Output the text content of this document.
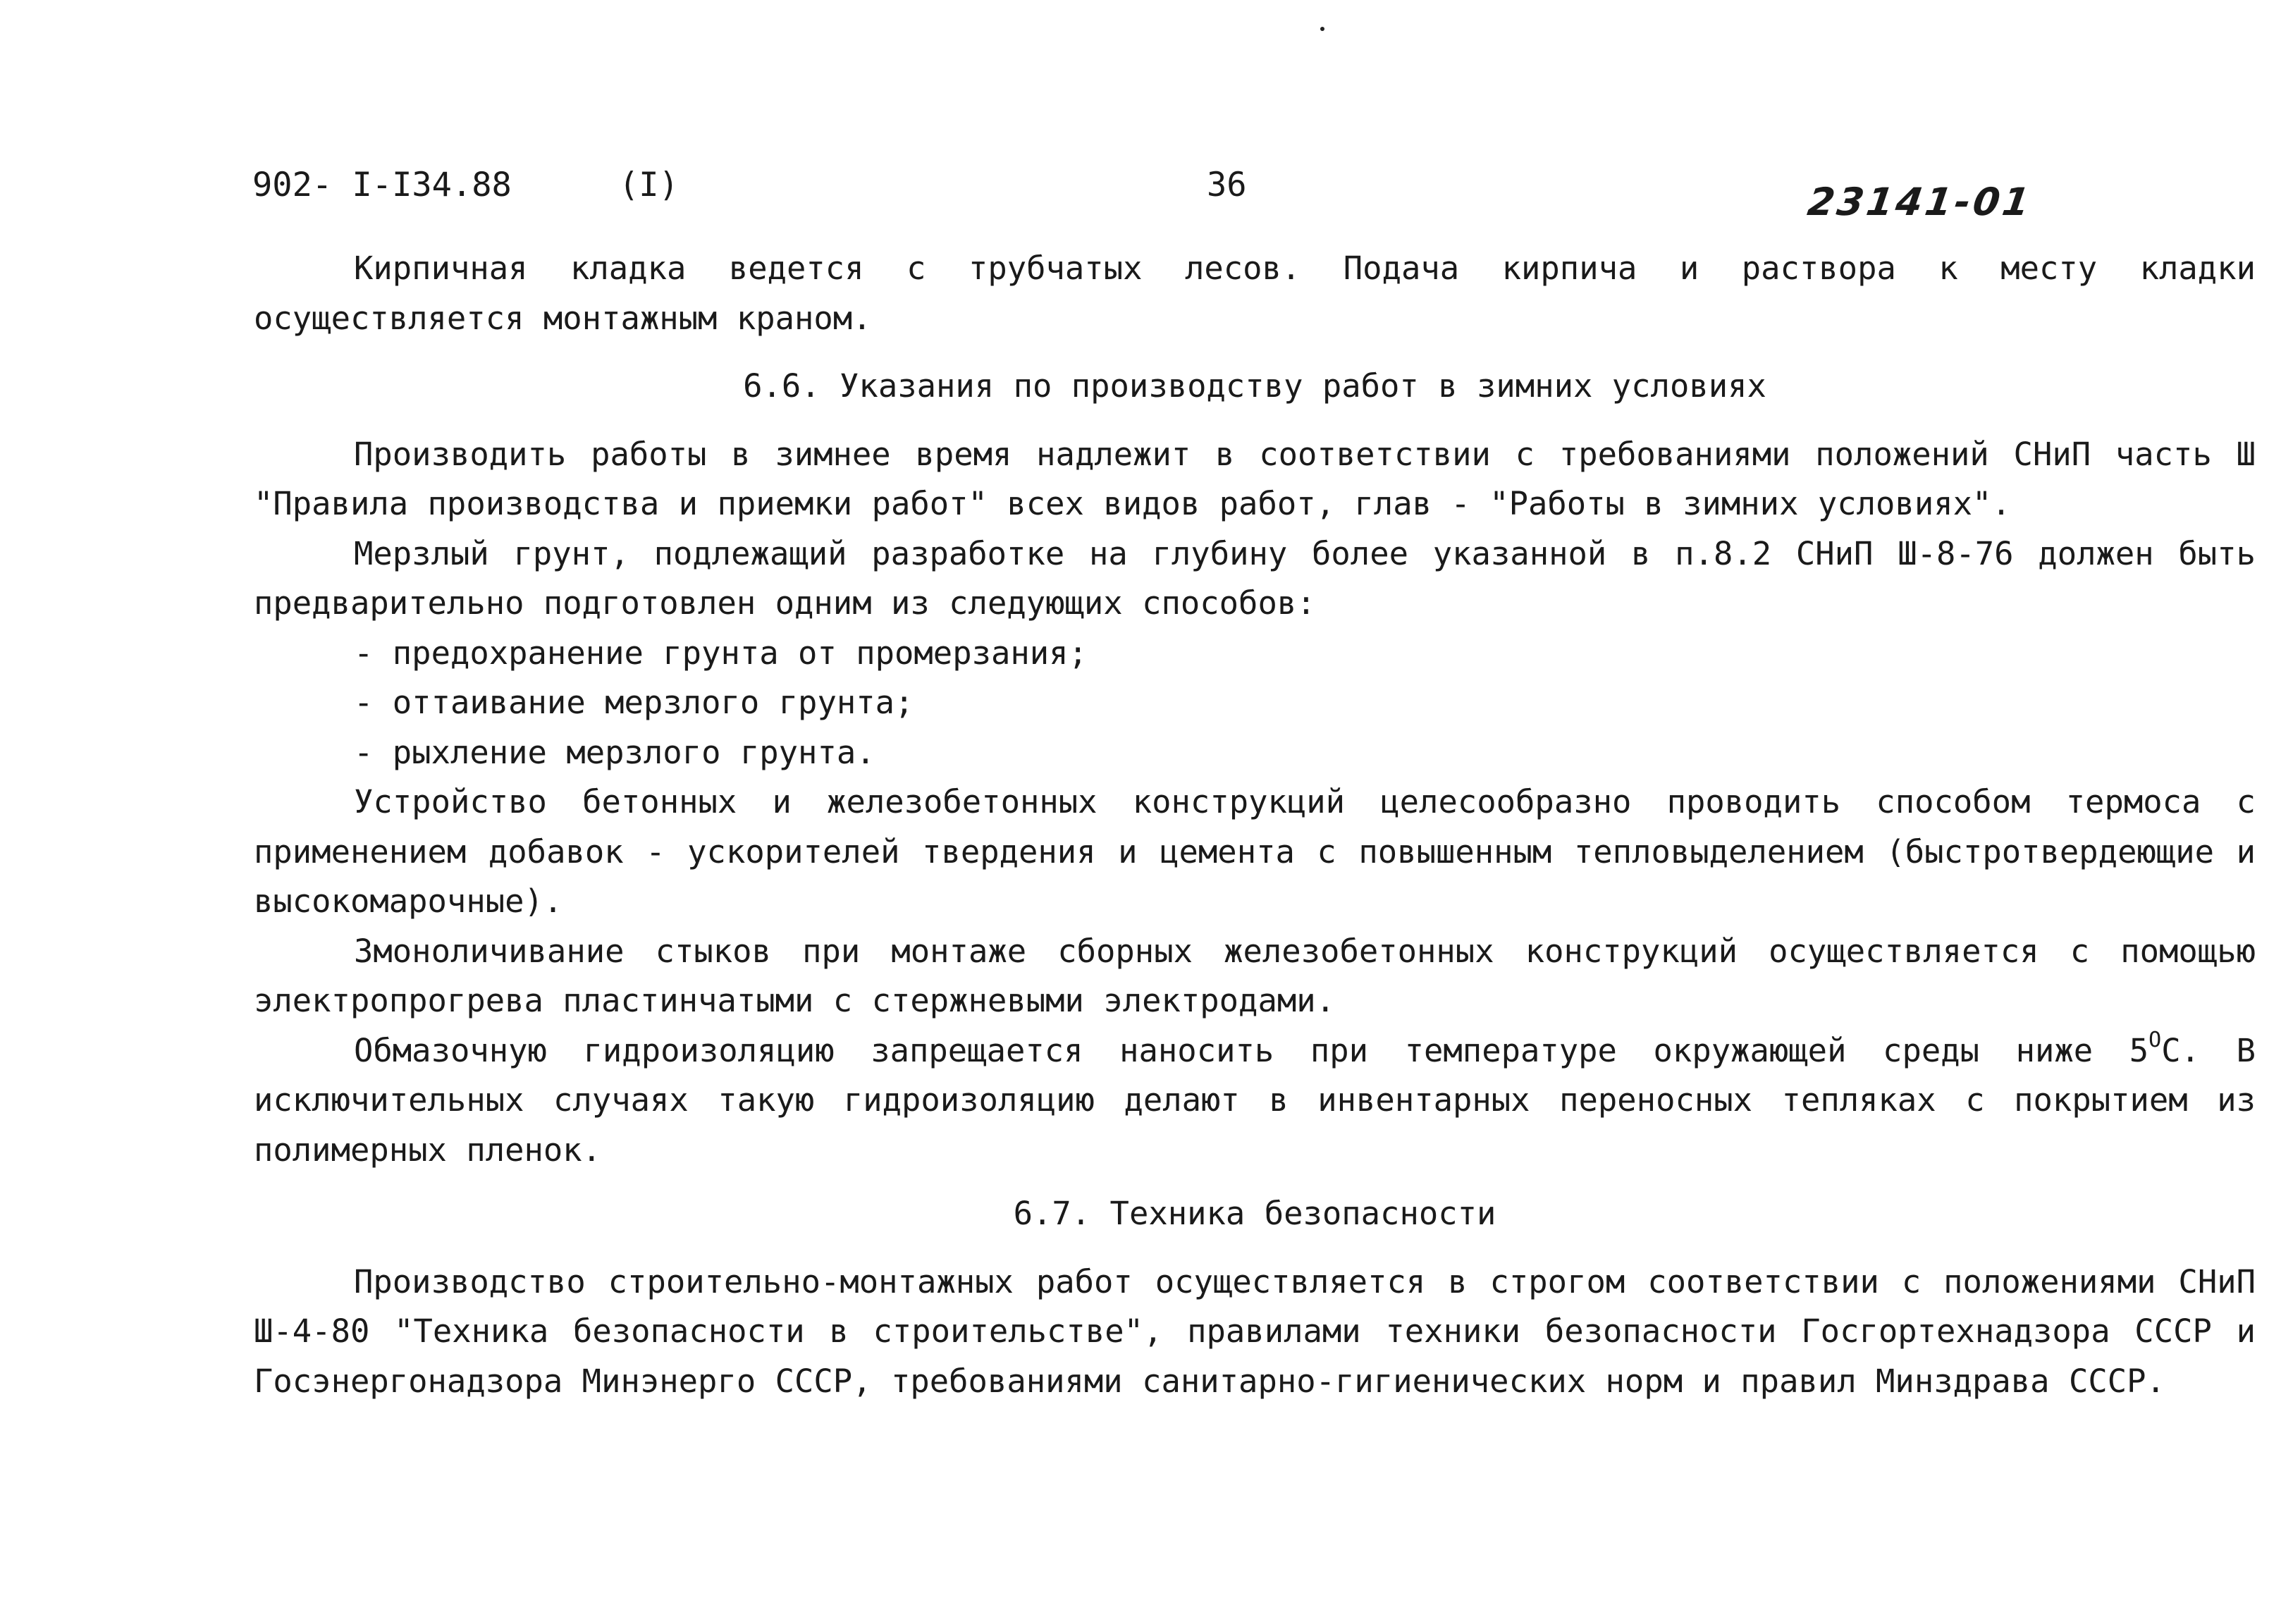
902- I-I34.88	(I)	36	23141-01

Кирпичная кладка ведется с трубчатых лесов. Подача кирпича и раствора к месту кладки осуществляется монтажным краном.

6.6. Указания по производству работ в зимних условиях

Производить работы в зимнее время надлежит в соответствии с требованиями положений СНиП часть Ш "Правила производства и приемки работ" всех видов работ, глав - "Работы в зимних условиях".

Мерзлый грунт, подлежащий разработке на глубину более указанной в п.8.2 СНиП Ш-8-76 должен быть предварительно подготовлен одним из следующих способов:

- предохранение грунта от промерзания;

- оттаивание мерзлого грунта;

- рыхление мерзлого грунта.

Устройство бетонных и железобетонных конструкций целесообразно проводить способом термоса с применением добавок - ускорителей твердения и цемента с повышенным тепловыделением (быстротвердеющие и высокомарочные).

Змоноличивание стыков при монтаже сборных железобетонных конструкций осуществляется с помощью электропрогрева пластинчатыми с стержневыми электродами.

Обмазочную гидроизоляцию запрещается наносить при температуре окружающей среды ниже $5^ОС$. В исключительных случаях такую гидроизоляцию делают в инвентарных переносных тепляках с покрытием из полимерных пленок.

6.7. Техника безопасности

Производство строительно-монтажных работ осуществляется в строгом соответствии с положениями СНиП Ш-4-80 "Техника безопасности в строительстве", правилами техники безопасности Госгортехнадзора СССР и Госэнергонадзора Минэнерго СССР, требованиями санитарно-гигиенических норм и правил Минздрава СССР.
